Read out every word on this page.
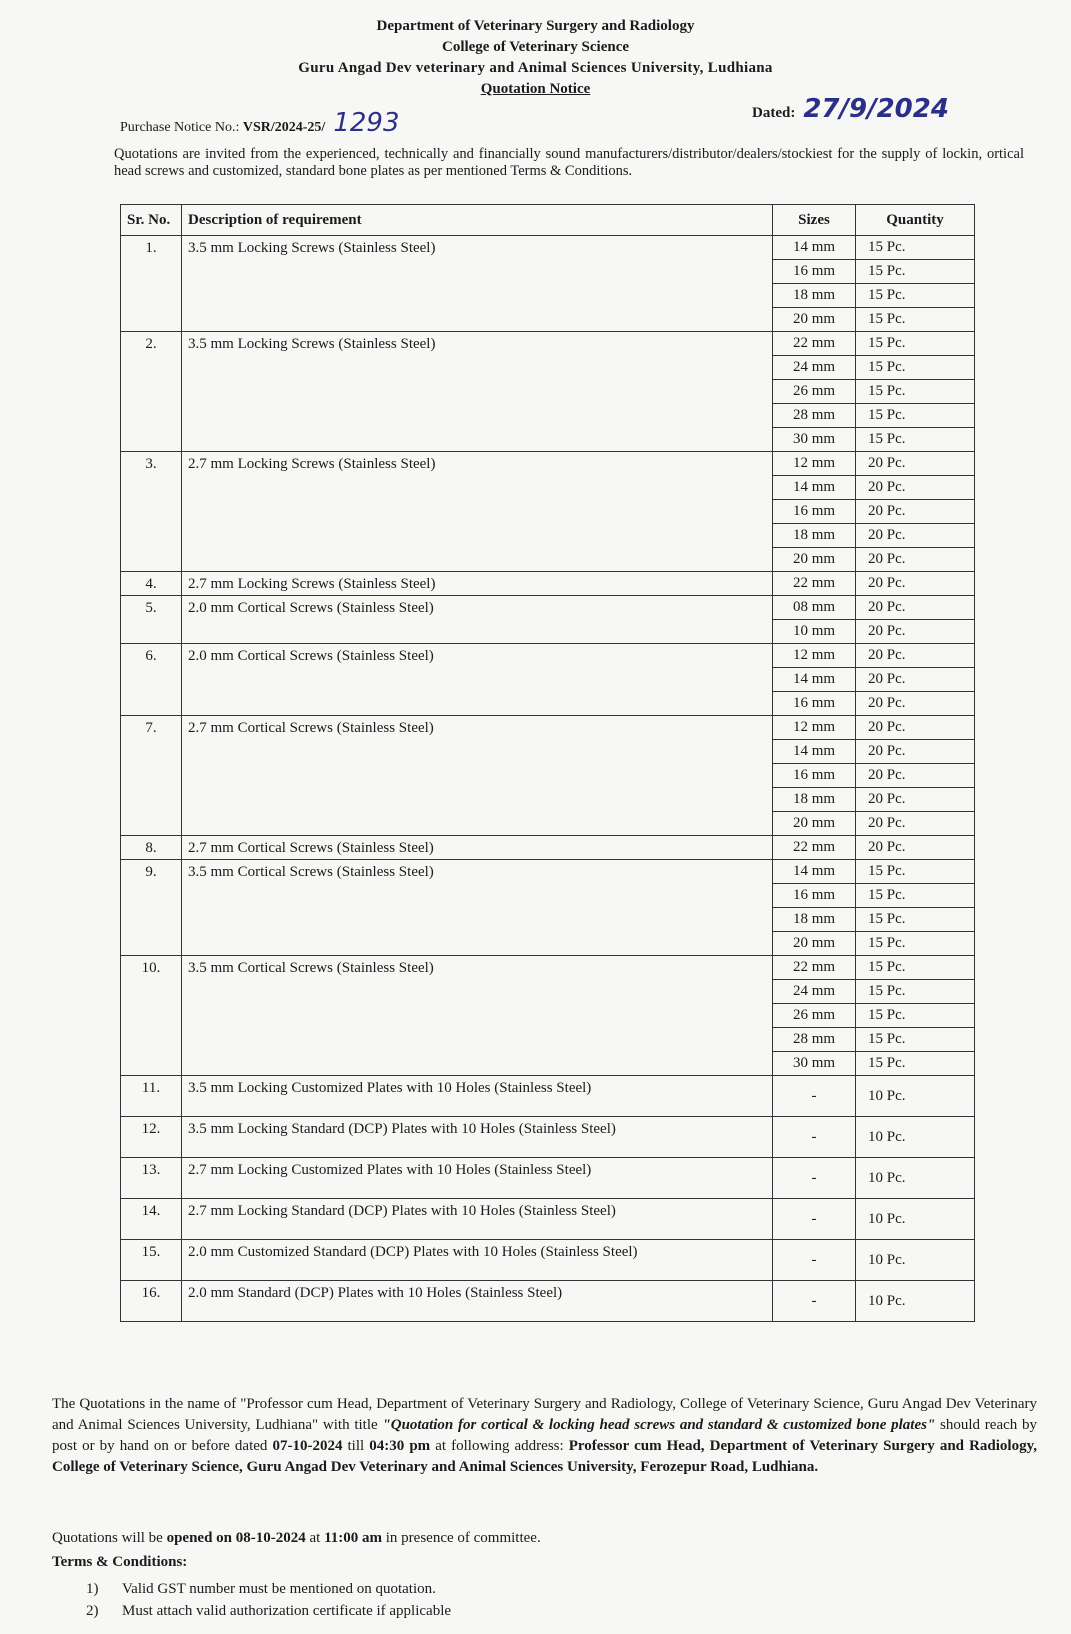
Department of Veterinary Surgery and Radiology
College of Veterinary Science
Guru Angad Dev veterinary and Animal Sciences University, Ludhiana
Quotation Notice
Purchase Notice No.: VSR/2024-25/ 1293	Dated: 27/9/2024
Quotations are invited from the experienced, technically and financially sound manufacturers/distributor/dealers/stockiest for the supply of lockin, ortical head screws and customized, standard bone plates as per mentioned Terms & Conditions.
Sr. No.	Description of requirement	Sizes	Quantity
1.	3.5 mm Locking Screws (Stainless Steel)	14 mm	15 Pc.
		16 mm	15 Pc.
		18 mm	15 Pc.
		20 mm	15 Pc.
2.	3.5 mm Locking Screws (Stainless Steel)	22 mm	15 Pc.
		24 mm	15 Pc.
		26 mm	15 Pc.
		28 mm	15 Pc.
		30 mm	15 Pc.
3.	2.7 mm Locking Screws (Stainless Steel)	12 mm	20 Pc.
		14 mm	20 Pc.
		16 mm	20 Pc.
		18 mm	20 Pc.
		20 mm	20 Pc.
4.	2.7 mm Locking Screws (Stainless Steel)	22 mm	20 Pc.
5.	2.0 mm Cortical Screws (Stainless Steel)	08 mm	20 Pc.
		10 mm	20 Pc.
6.	2.0 mm Cortical Screws (Stainless Steel)	12 mm	20 Pc.
		14 mm	20 Pc.
		16 mm	20 Pc.
7.	2.7 mm Cortical Screws (Stainless Steel)	12 mm	20 Pc.
		14 mm	20 Pc.
		16 mm	20 Pc.
		18 mm	20 Pc.
		20 mm	20 Pc.
8.	2.7 mm Cortical Screws (Stainless Steel)	22 mm	20 Pc.
9.	3.5 mm Cortical Screws (Stainless Steel)	14 mm	15 Pc.
		16 mm	15 Pc.
		18 mm	15 Pc.
		20 mm	15 Pc.
10.	3.5 mm Cortical Screws (Stainless Steel)	22 mm	15 Pc.
		24 mm	15 Pc.
		26 mm	15 Pc.
		28 mm	15 Pc.
		30 mm	15 Pc.
11.	3.5 mm Locking Customized Plates with 10 Holes (Stainless Steel)	-	10 Pc.
12.	3.5 mm Locking Standard (DCP) Plates with 10 Holes (Stainless Steel)	-	10 Pc.
13.	2.7 mm Locking Customized Plates with 10 Holes (Stainless Steel)	-	10 Pc.
14.	2.7 mm Locking Standard (DCP) Plates with 10 Holes (Stainless Steel)	-	10 Pc.
15.	2.0 mm Customized Standard (DCP) Plates with 10 Holes (Stainless Steel)	-	10 Pc.
16.	2.0 mm Standard (DCP) Plates with 10 Holes (Stainless Steel)	-	10 Pc.
The Quotations in the name of "Professor cum Head, Department of Veterinary Surgery and Radiology, College of Veterinary Science, Guru Angad Dev Veterinary and Animal Sciences University, Ludhiana" with title "Quotation for cortical & locking head screws and standard & customized bone plates" should reach by post or by hand on or before dated 07-10-2024 till 04:30 pm at following address: Professor cum Head, Department of Veterinary Surgery and Radiology, College of Veterinary Science, Guru Angad Dev Veterinary and Animal Sciences University, Ferozepur Road, Ludhiana.
Quotations will be opened on 08-10-2024 at 11:00 am in presence of committee.
Terms & Conditions:
1) Valid GST number must be mentioned on quotation.
2) Must attach valid authorization certificate if applicable
